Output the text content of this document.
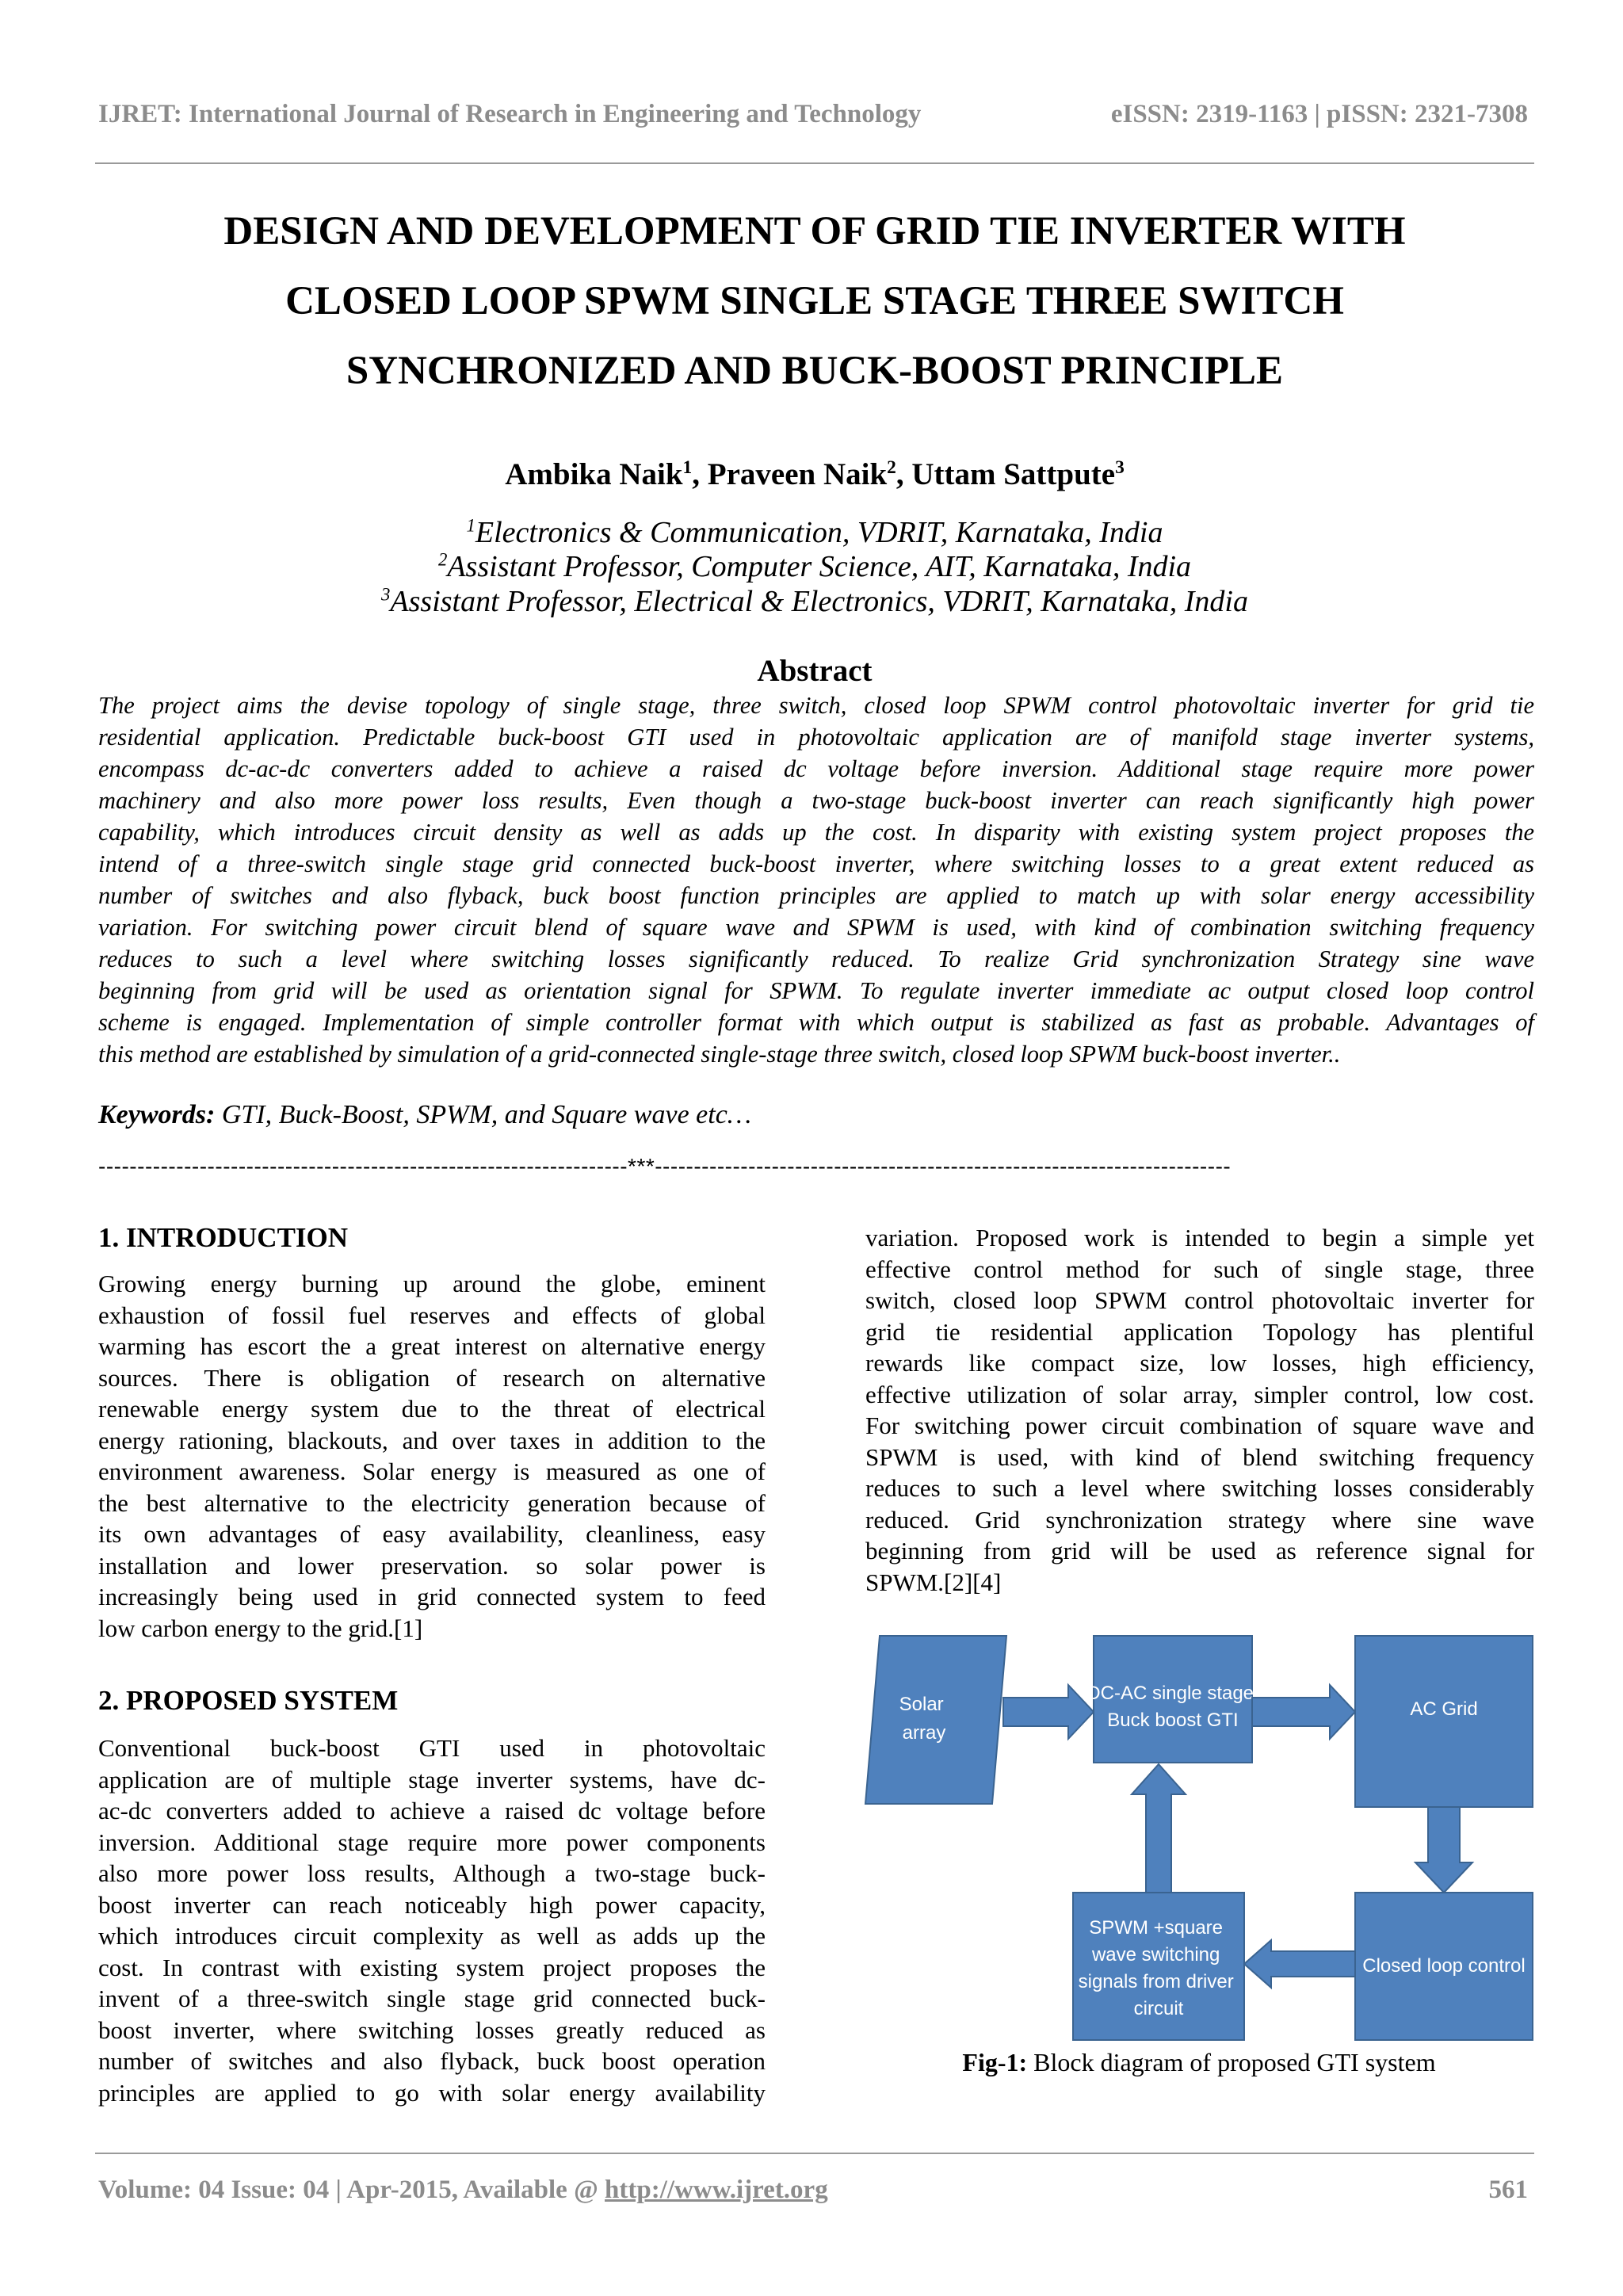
IJRET: International Journal of Research in Engineering and Technology	eISSN: 2319-1163 | pISSN: 2321-7308
DESIGN AND DEVELOPMENT OF GRID TIE INVERTER WITH
CLOSED LOOP SPWM SINGLE STAGE THREE SWITCH
SYNCHRONIZED AND BUCK-BOOST PRINCIPLE
Ambika Naik$^1$, Praveen Naik$^2$, Uttam Sattpute$^3$
$^1$Electronics & Communication, VDRIT, Karnataka, India
$^2$Assistant Professor, Computer Science, AIT, Karnataka, India
$^3$Assistant Professor, Electrical & Electronics, VDRIT, Karnataka, India
Abstract
The project aims the devise topology of single stage, three switch, closed loop SPWM control photovoltaic inverter for grid tie
residential application. Predictable buck-boost GTI used in photovoltaic application are of manifold stage inverter systems,
encompass dc-ac-dc converters added to achieve a raised dc voltage before inversion. Additional stage require more power
machinery and also more power loss results, Even though a two-stage buck-boost inverter can reach significantly high power
capability, which introduces circuit density as well as adds up the cost. In disparity with existing system project proposes the
intend of a three-switch single stage grid connected buck-boost inverter, where switching losses to a great extent reduced as
number of switches and also flyback, buck boost function principles are applied to match up with solar energy accessibility
variation. For switching power circuit blend of square wave and SPWM is used, with kind of combination switching frequency
reduces to such a level where switching losses significantly reduced. To realize Grid synchronization Strategy sine wave
beginning from grid will be used as orientation signal for SPWM. To regulate inverter immediate ac output closed loop control
scheme is engaged. Implementation of simple controller format with which output is stabilized as fast as probable. Advantages of
this method are established by simulation of a grid-connected single-stage three switch, closed loop SPWM buck-boost inverter..
Keywords: GTI, Buck-Boost, SPWM, and Square wave etc…
--------------------------------------------------------------------***--------------------------------------------------------------------------
1. INTRODUCTION
Growing energy burning up around the globe, eminent
exhaustion of fossil fuel reserves and effects of global
warming has escort the a great interest on alternative energy
sources. There is obligation of research on alternative
renewable energy system due to the threat of electrical
energy rationing, blackouts, and over taxes in addition to the
environment awareness. Solar energy is measured as one of
the best alternative to the electricity generation because of
its own advantages of easy availability, cleanliness, easy
installation and lower preservation. so solar power is
increasingly being used in grid connected system to feed
low carbon energy to the grid.[1]
2. PROPOSED SYSTEM
Conventional buck-boost GTI used in photovoltaic
application are of multiple stage inverter systems, have dc-
ac-dc converters added to achieve a raised dc voltage before
inversion. Additional stage require more power components
also more power loss results, Although a two-stage buck-
boost inverter can reach noticeably high power capacity,
which introduces circuit complexity as well as adds up the
cost. In contrast with existing system project proposes the
invent of a three-switch single stage grid connected buck-
boost inverter, where switching losses greatly reduced as
number of switches and also flyback, buck boost operation
principles are applied to go with solar energy availability
variation. Proposed work is intended to begin a simple yet
effective control method for such of single stage, three
switch, closed loop SPWM control photovoltaic inverter for
grid tie residential application Topology has plentiful
rewards like compact size, low losses, high efficiency,
effective utilization of solar array, simpler control, low cost.
For switching power circuit combination of square wave and
SPWM is used, with kind of blend switching frequency
reduces to such a level where switching losses considerably
reduced. Grid synchronization strategy where sine wave
beginning from grid will be used as reference signal for
SPWM.[2][4]
Solar array
DC-AC single stage Buck boost GTI
AC Grid
Closed loop control
SPWM +square wave switching signals from driver circuit
Fig-1: Block diagram of proposed GTI system
Volume: 04 Issue: 04 | Apr-2015, Available @ http://www.ijret.org	561
